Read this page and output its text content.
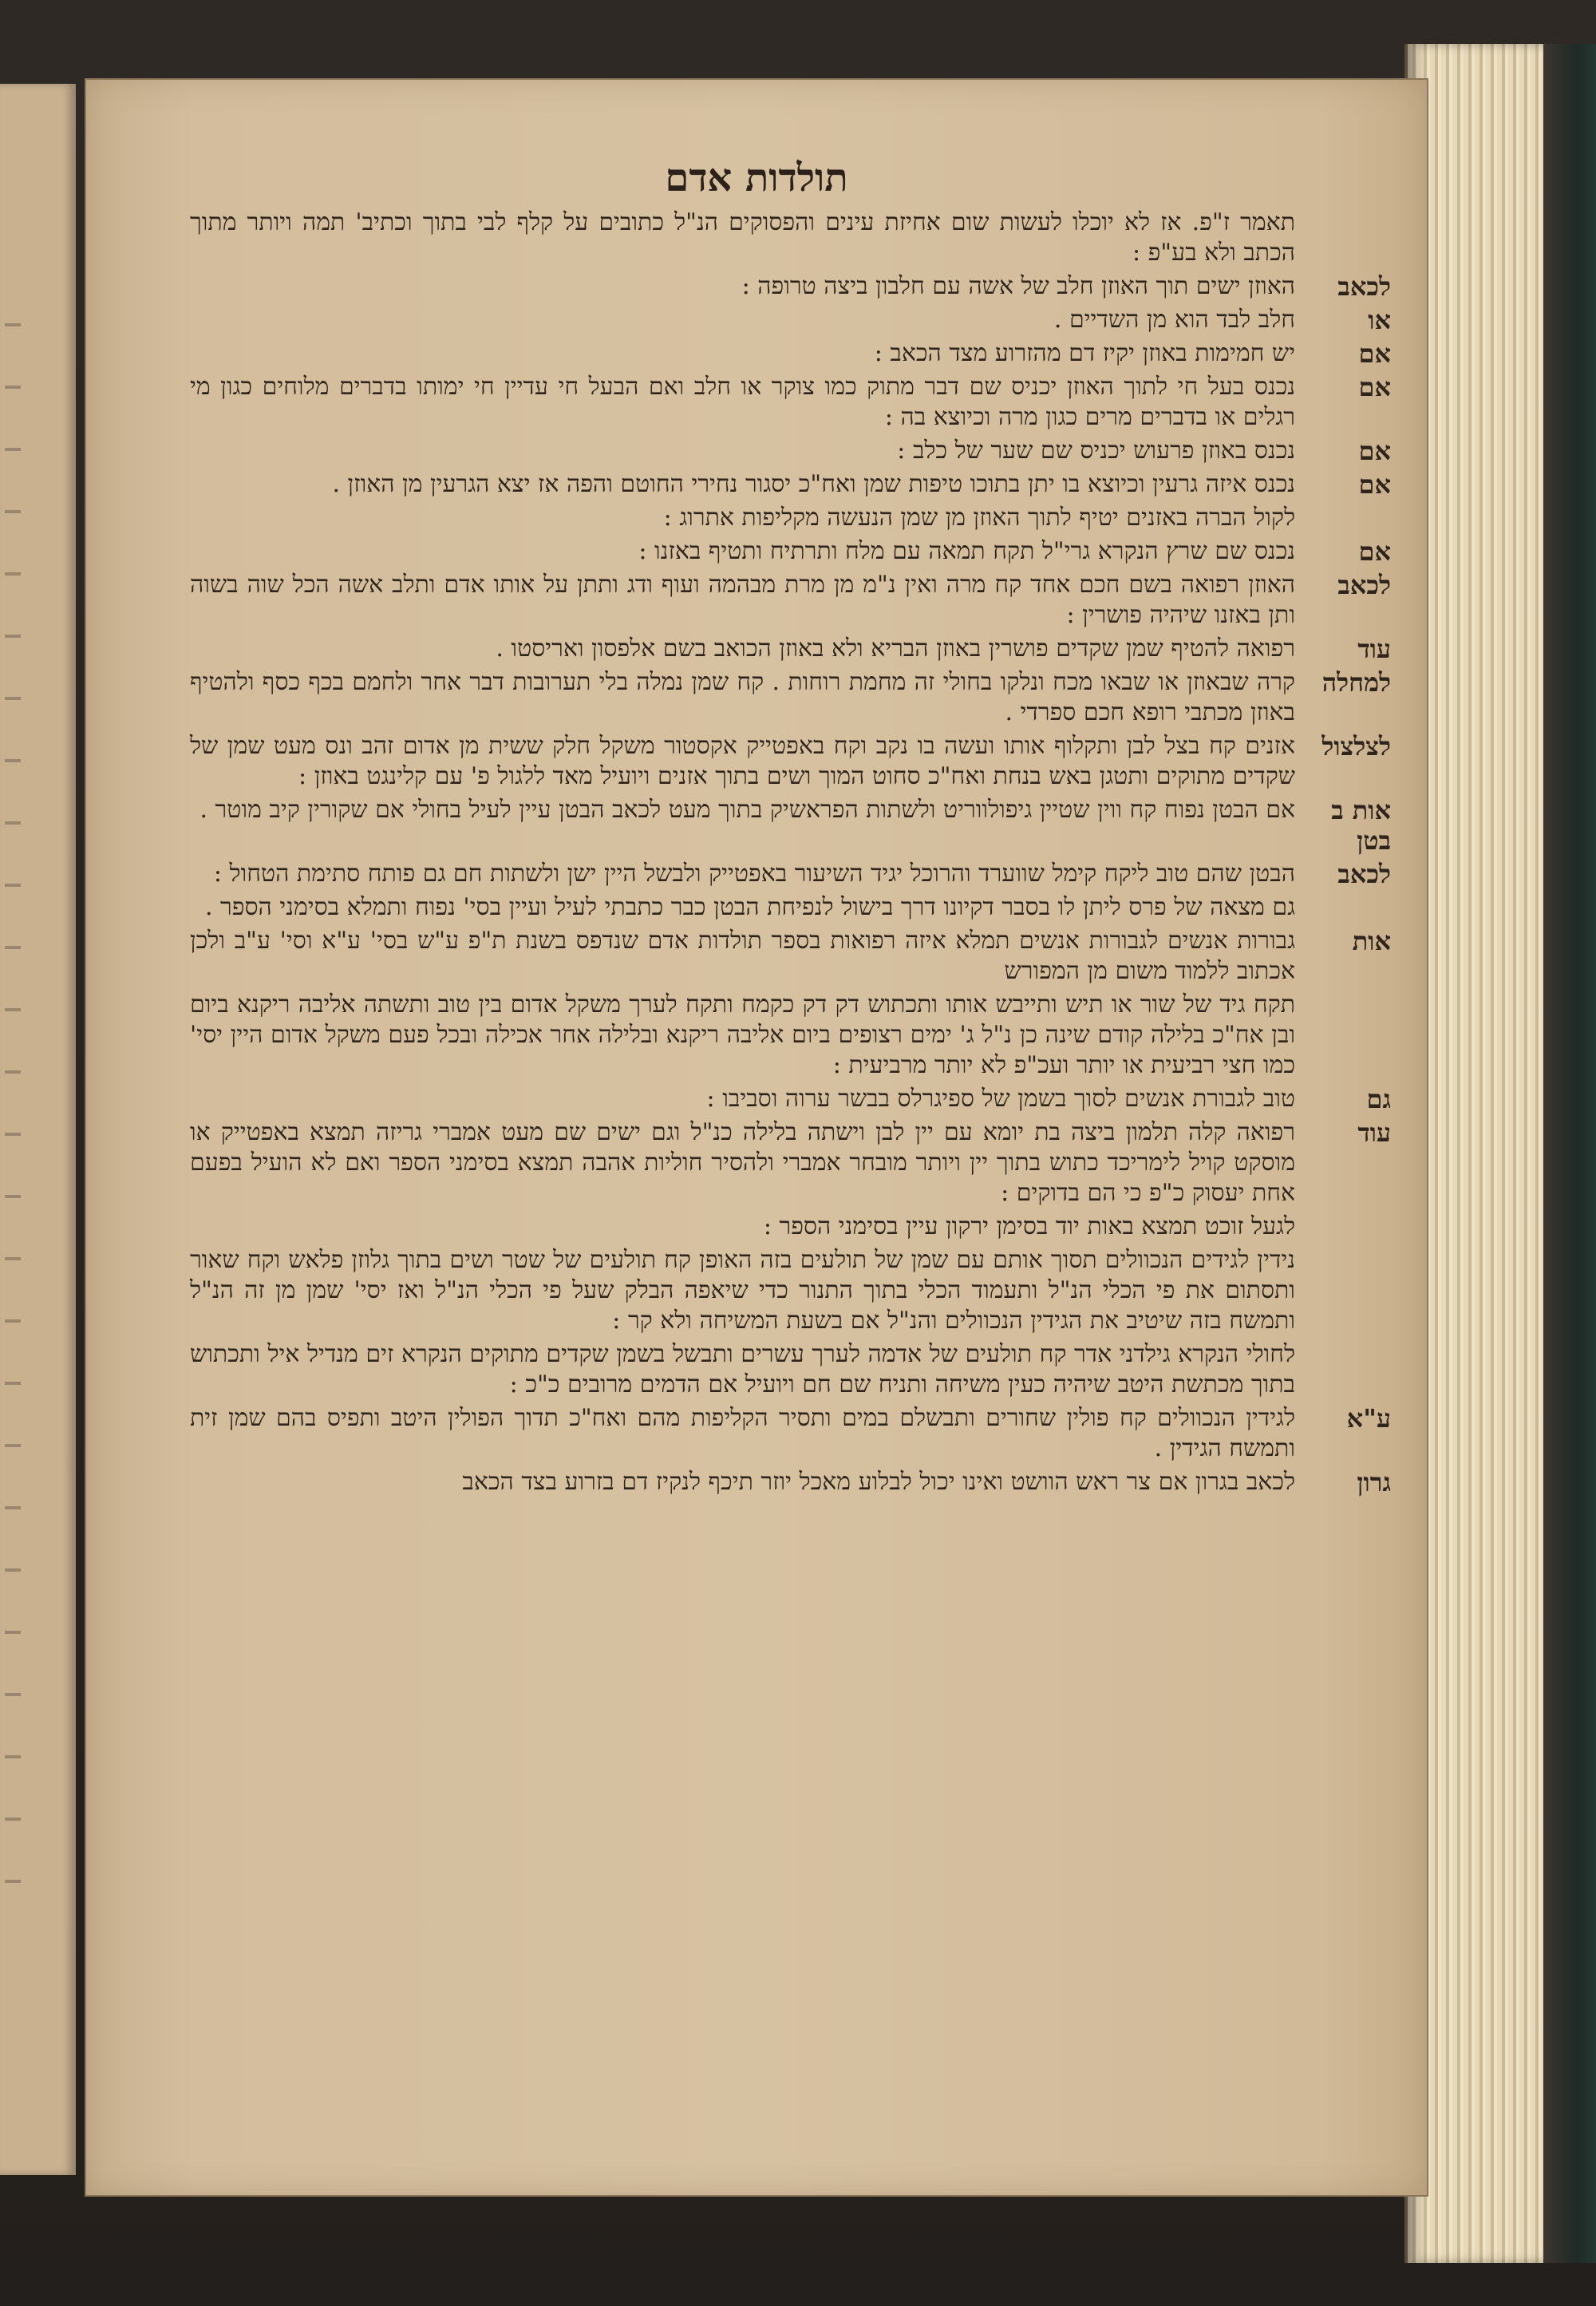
תולדות אדם
תאמר ז"פ. אז לא יוכלו לעשות שום אחיזת עינים והפסוקים הנ"ל כתובים על קלף לבי בתוך וכתיב' תמה ויותר מתוך הכתב ולא בע"פ :
לכאב
האוזן ישים תוך האוזן חלב של אשה עם חלבון ביצה טרופה :
או
חלב לבד הוא מן השדיים .
אם
יש חמימות באוזן יקיז דם מהזרוע מצד הכאב :
אם
נכנס בעל חי לתוך האוזן יכניס שם דבר מתוק כמו צוקר או חלב ואם הבעל חי עדיין חי ימותו בדברים מלוחים כגון מי רגלים או בדברים מרים כגון מרה וכיוצא בה :
אם
נכנס באוזן פרעוש יכניס שם שער של כלב :
אם
נכנס איזה גרעין וכיוצא בו יתן בתוכו טיפות שמן ואח"כ יסגור נחירי החוטם והפה אז יצא הגרעין מן האוזן .
לקול הברה באזנים יטיף לתוך האוזן מן שמן הנעשה מקליפות אתרוג :
אם
נכנס שם שרץ הנקרא גרי"ל תקח תמאה עם מלח ותרתיח ותטיף באזנו :
לכאב
האוזן רפואה בשם חכם אחד קח מרה ואין נ"מ מן מרת מבהמה ועוף ודג ותתן על אותו אדם ותלב אשה הכל שוה בשוה ותן באזנו שיהיה פושרין :
עוד
רפואה להטיף שמן שקדים פושרין באוזן הבריא ולא באוזן הכואב בשם אלפסון ואריסטו .
למחלה
קרה שבאוזן או שבאו מכח ונלקו בחולי זה מחמת רוחות . קח שמן נמלה בלי תערובות דבר אחר ולחמם בכף כסף ולהטיף באוזן מכתבי רופא חכם ספרדי .
לצלצול
אזנים קח בצל לבן ותקלוף אותו ועשה בו נקב וקח באפטייק אקסטור משקל חלק ששית מן אדום זהב ונס מעט שמן של שקדים מתוקים ותטגן באש בנחת ואח"כ סחוט המוך ושים בתוך אזנים ויועיל מאד ללגול פ' עם קלינגט באוזן :
אות ב בטן
אם הבטן נפוח קח ווין שטיין גיפולווריט ולשתות הפראשיק בתוך מעט לכאב הבטן עיין לעיל בחולי אם שקורין קיב מוטר .
לכאב
הבטן שהם טוב ליקח קימל שווערד והרוכל יגיד השיעור באפטייק ולבשל היין ישן ולשתות חם גם פותח סתימת הטחול :
גם מצאה של פרס ליתן לו בסבר דקיונו דרך בישול לנפיחת הבטן כבר כתבתי לעיל ועיין בסי' נפוח ותמלא בסימני הספר .
אות
גבורות אנשים לגבורות אנשים תמלא איזה רפואות בספר תולדות אדם שנדפס בשנת ת"פ ע"ש בסי' ע"א וסי' ע"ב ולכן אכתוב ללמוד משום מן המפורש
תקח גיד של שור או תיש ותייבש אותו ותכתוש דק דק כקמח ותקח לערך משקל אדום בין טוב ותשתה אליבה ריקנא ביום ובן אח"כ בלילה קודם שינה כן נ"ל ג' ימים רצופים ביום אליבה ריקנא ובלילה אחר אכילה ובכל פעם משקל אדום היין יסי' כמו חצי רביעית או יותר ועכ"פ לא יותר מרביעית :
גם
טוב לגבורת אנשים לסוך בשמן של ספיגרלס בבשר ערוה וסביבו :
עוד
רפואה קלה תלמון ביצה בת יומא עם יין לבן וישתה בלילה כנ"ל וגם ישים שם מעט אמברי גריזה תמצא באפטייק או מוסקט קויל לימריכד כתוש בתוך יין ויותר מובחר אמברי ולהסיר חוליות אהבה תמצא בסימני הספר ואם לא הועיל בפעם אחת יעסוק כ"פ כי הם בדוקים :
לגעל זוכט תמצא באות יוד בסימן ירקון עיין בסימני הספר :
נידין לגידים הנכוולים תסוך אותם עם שמן של תולעים בזה האופן קח תולעים של שטר ושים בתוך גלוזן פלאש וקח שאור ותסתום את פי הכלי הנ"ל ותעמוד הכלי בתוך התנור כדי שיאפה הבלק שעל פי הכלי הנ"ל ואז יסי' שמן מן זה הנ"ל ותמשח בזה שיטיב את הגידין הנכוולים והנ"ל אם בשעת המשיחה ולא קר :
לחולי הנקרא גילדני אדר קח תולעים של אדמה לערך עשרים ותבשל בשמן שקדים מתוקים הנקרא זים מנדיל איל ותכתוש בתוך מכתשת היטב שיהיה כעין משיחה ותניח שם חם ויועיל אם הדמים מרובים כ"כ :
ע"א
לגידין הנכוולים קח פולין שחורים ותבשלם במים ותסיר הקליפות מהם ואח"כ תדוך הפולין היטב ותפיס בהם שמן זית ותמשח הגידין .
גרון
לכאב בגרון אם צר ראש הוושט ואינו יכול לבלוע מאכל יוזר תיכף לנקיז דם בזרוע בצד הכאב
